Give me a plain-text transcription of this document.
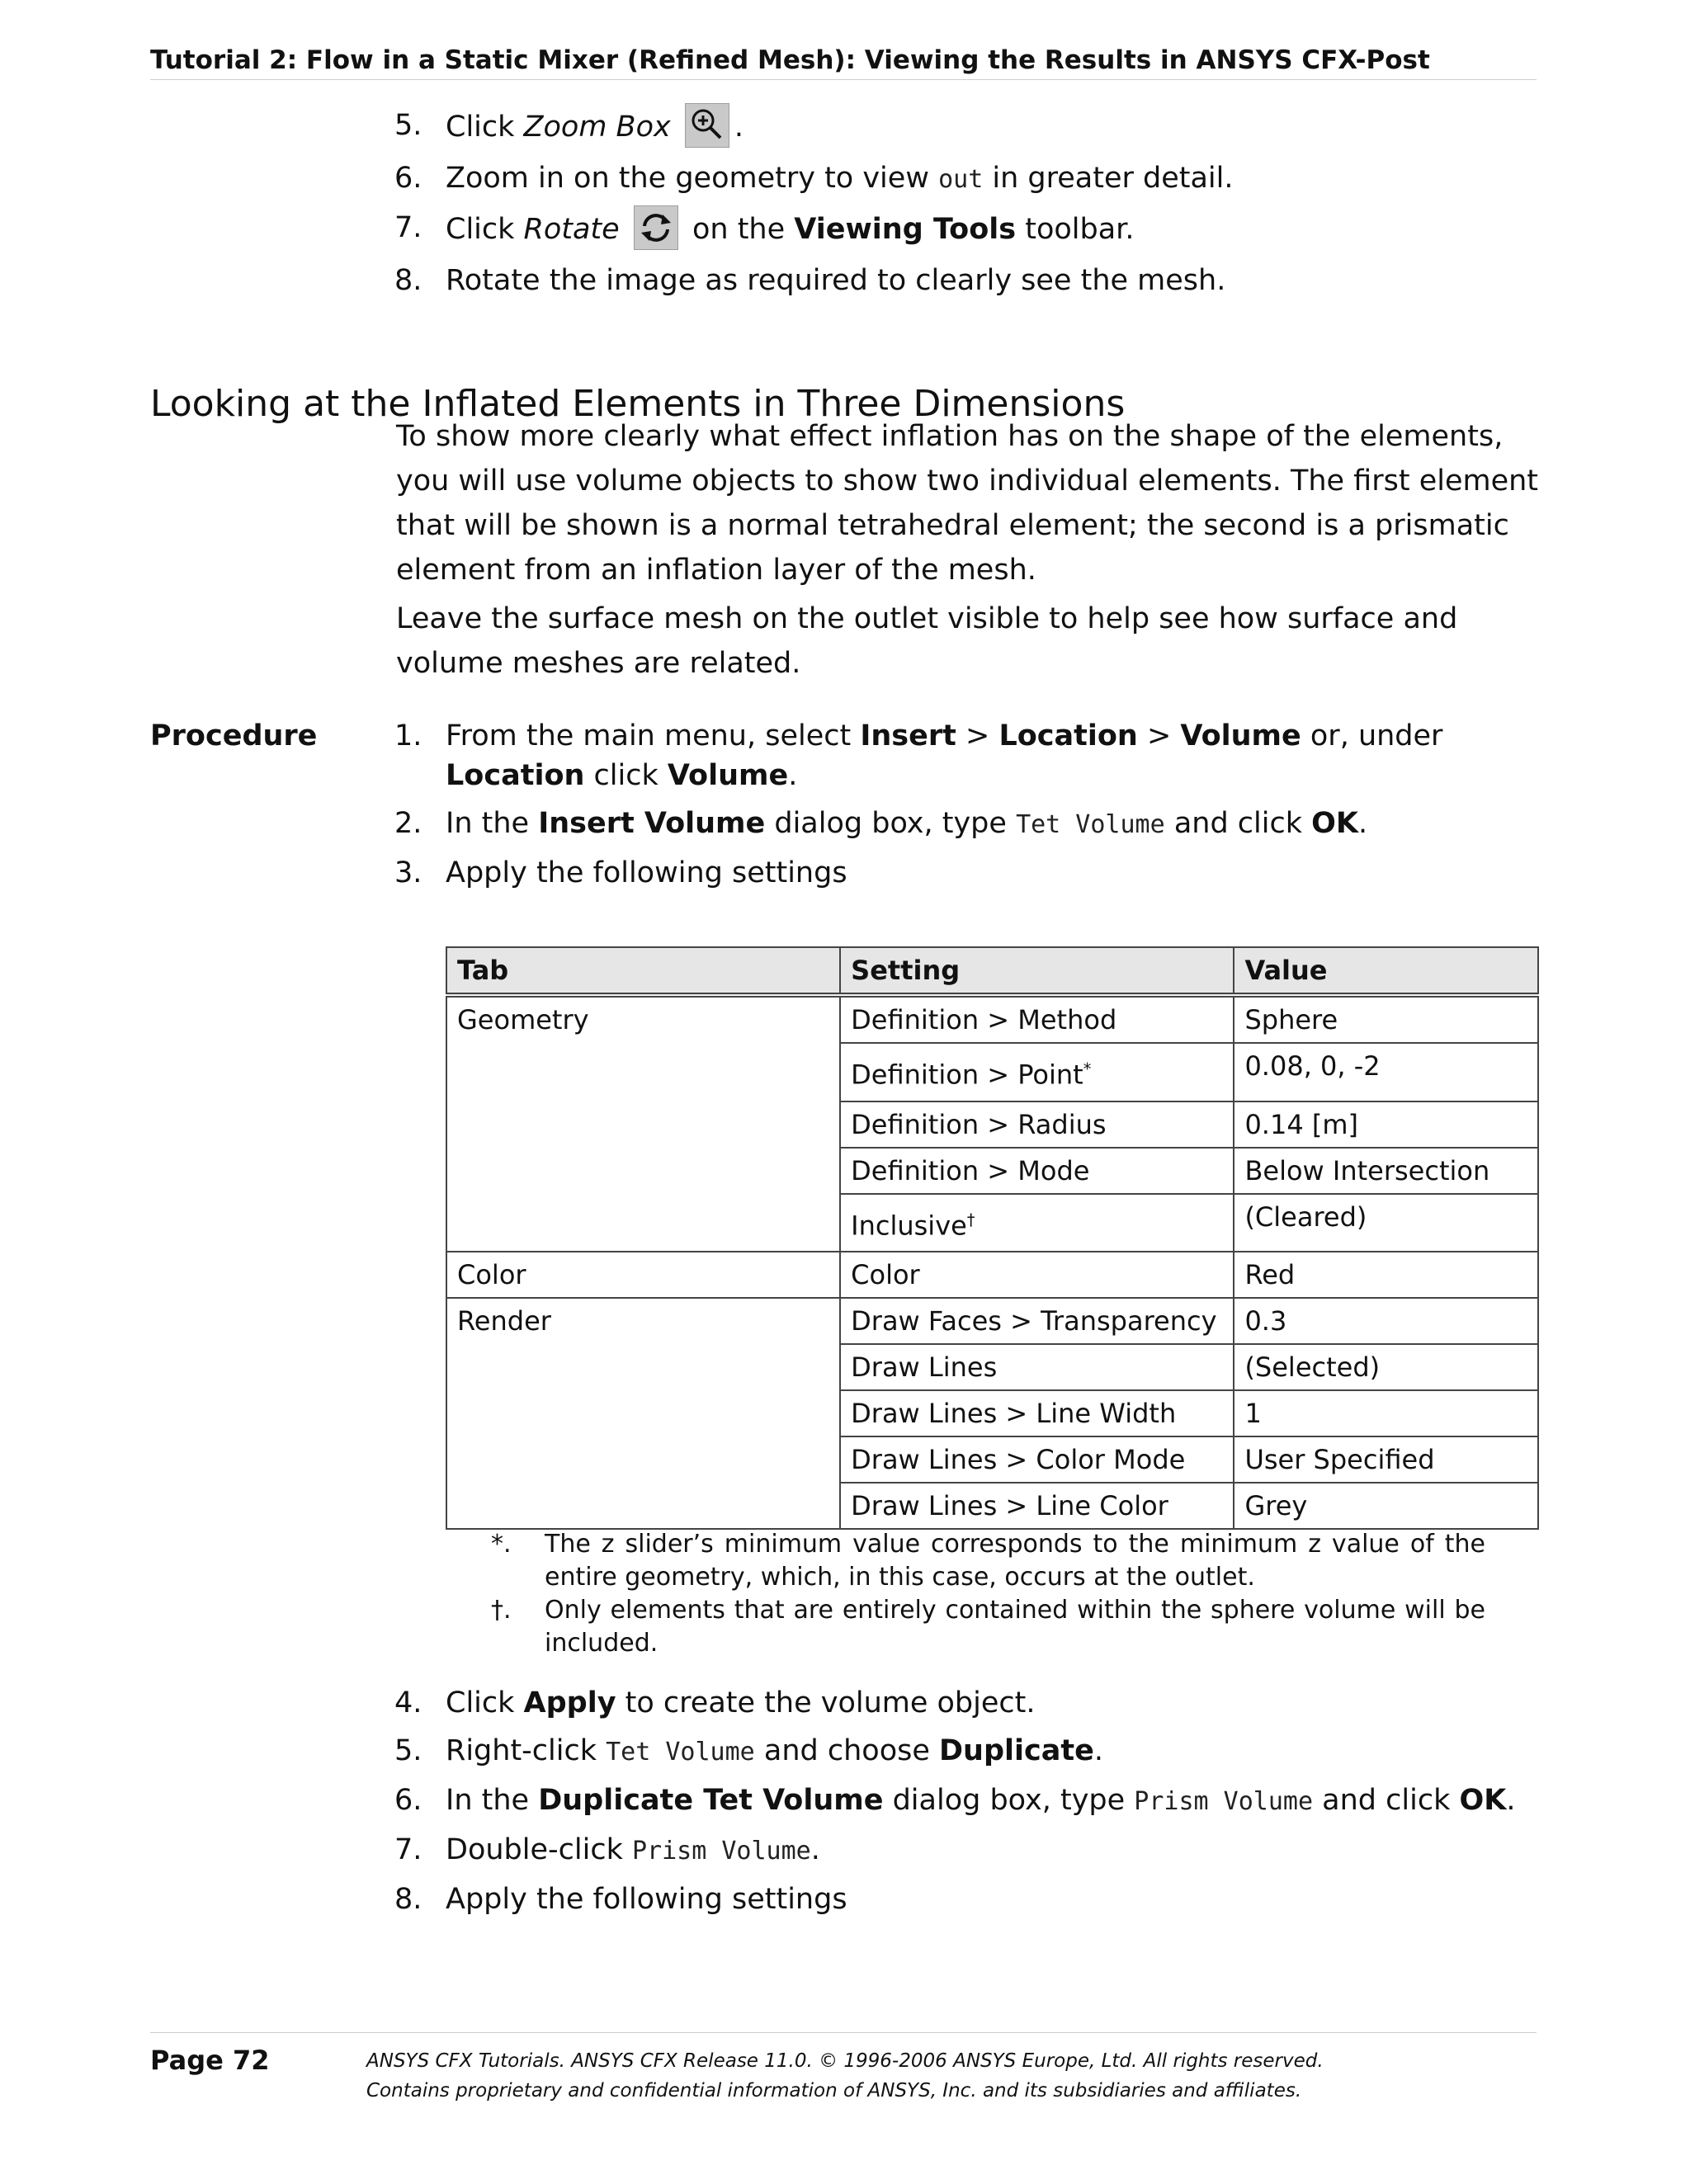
Tutorial 2: Flow in a Static Mixer (Refined Mesh): Viewing the Results in ANSYS CFX-Post
5. Click Zoom Box .
6. Zoom in on the geometry to view out in greater detail.
7. Click Rotate
on the Viewing Tools toolbar.
8. Rotate the image as required to clearly see the mesh.
Looking at the Inflated Elements in Three Dimensions
To show more clearly what effect inflation has on the shape of the elements, you will use volume objects to show two individual elements. The first element that will be shown is a normal tetrahedral element; the second is a prismatic element from an inflation layer of the mesh.
Leave the surface mesh on the outlet visible to help see how surface and volume meshes are related.
Procedure	1. From the main menu, select Insert > Location > Volume or, under Location click Volume.
2. In the Insert Volume dialog box, type Tet Volume and click OK.
3. Apply the following settings
Tab	Setting	Value
Geometry	Definition > Method	Sphere
	Definition > Point*	0.08, 0, -2
	Definition > Radius	0.14 [m]
	Definition > Mode	Below Intersection
	Inclusive†	(Cleared)
Color	Color	Red
Render	Draw Faces > Transparency	0.3
	Draw Lines	(Selected)
	Draw Lines > Line Width	1
	Draw Lines > Color Mode	User Specified
	Draw Lines > Line Color	Grey
*. The z slider’s minimum value corresponds to the minimum z value of the entire geometry, which, in this case, occurs at the outlet.
†. Only elements that are entirely contained within the sphere volume will be included.
4. Click Apply to create the volume object.
5. Right-click Tet Volume and choose Duplicate.
6. In the Duplicate Tet Volume dialog box, type Prism Volume and click OK.
7. Double-click Prism Volume.
8. Apply the following settings
Page 72	ANSYS CFX Tutorials. ANSYS CFX Release 11.0. © 1996-2006 ANSYS Europe, Ltd. All rights reserved.
Contains proprietary and confidential information of ANSYS, Inc. and its subsidiaries and affiliates.
